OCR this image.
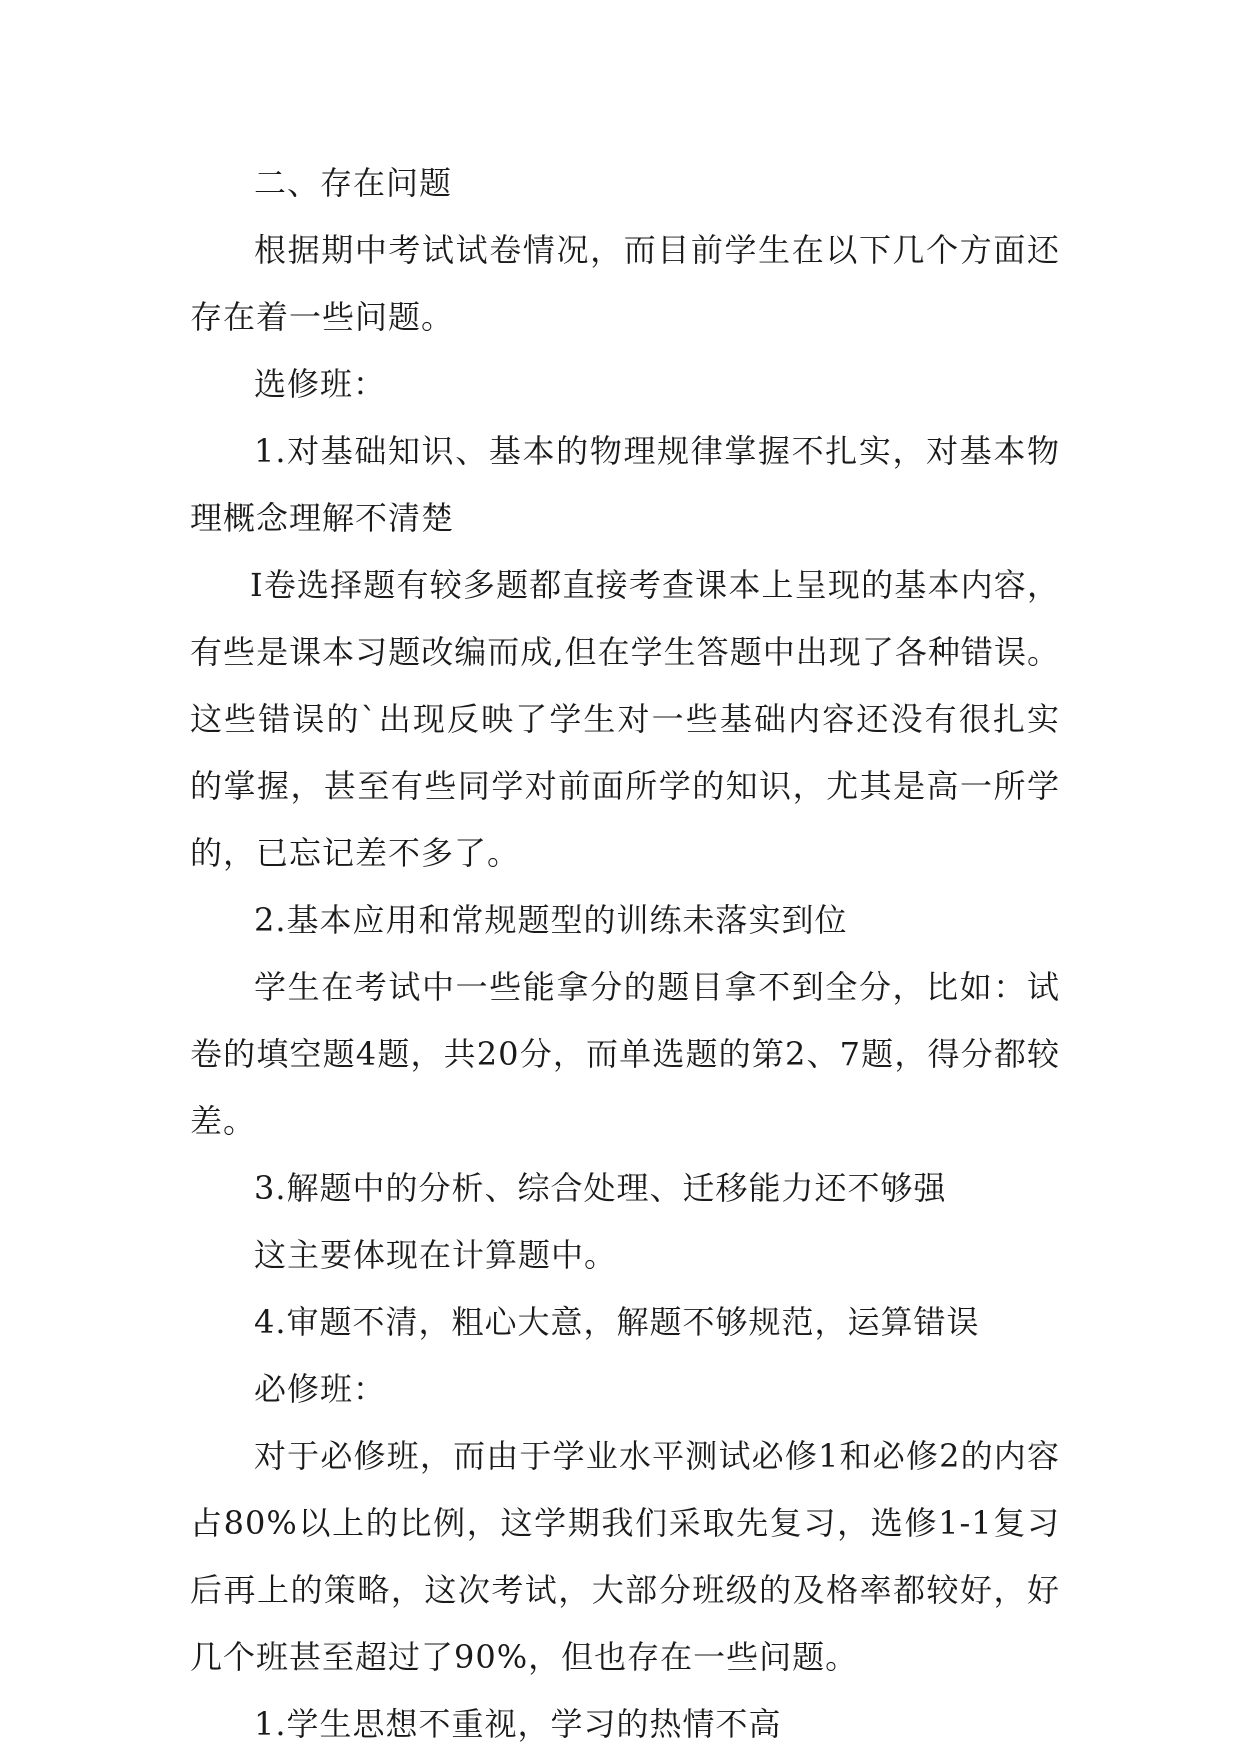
二、存在问题

根据期中考试试卷情况，而目前学生在以下几个方面还存在着一些问题。

选修班：

1.对基础知识、基本的物理规律掌握不扎实，对基本物理概念理解不清楚

Ⅰ卷选择题有较多题都直接考查课本上呈现的基本内容，有些是课本习题改编而成,但在学生答题中出现了各种错误。这些错误的`出现反映了学生对一些基础内容还没有很扎实的掌握，甚至有些同学对前面所学的知识，尤其是高一所学的，已忘记差不多了。

2.基本应用和常规题型的训练未落实到位

学生在考试中一些能拿分的题目拿不到全分，比如：试卷的填空题4题，共20分，而单选题的第2、7题，得分都较差。

3.解题中的分析、综合处理、迁移能力还不够强

这主要体现在计算题中。

4.审题不清，粗心大意，解题不够规范，运算错误

必修班：

对于必修班，而由于学业水平测试必修1和必修2的内容占80%以上的比例，这学期我们采取先复习，选修1-1复习后再上的策略，这次考试，大部分班级的及格率都较好，好几个班甚至超过了90%，但也存在一些问题。

1.学生思想不重视，学习的热情不高
